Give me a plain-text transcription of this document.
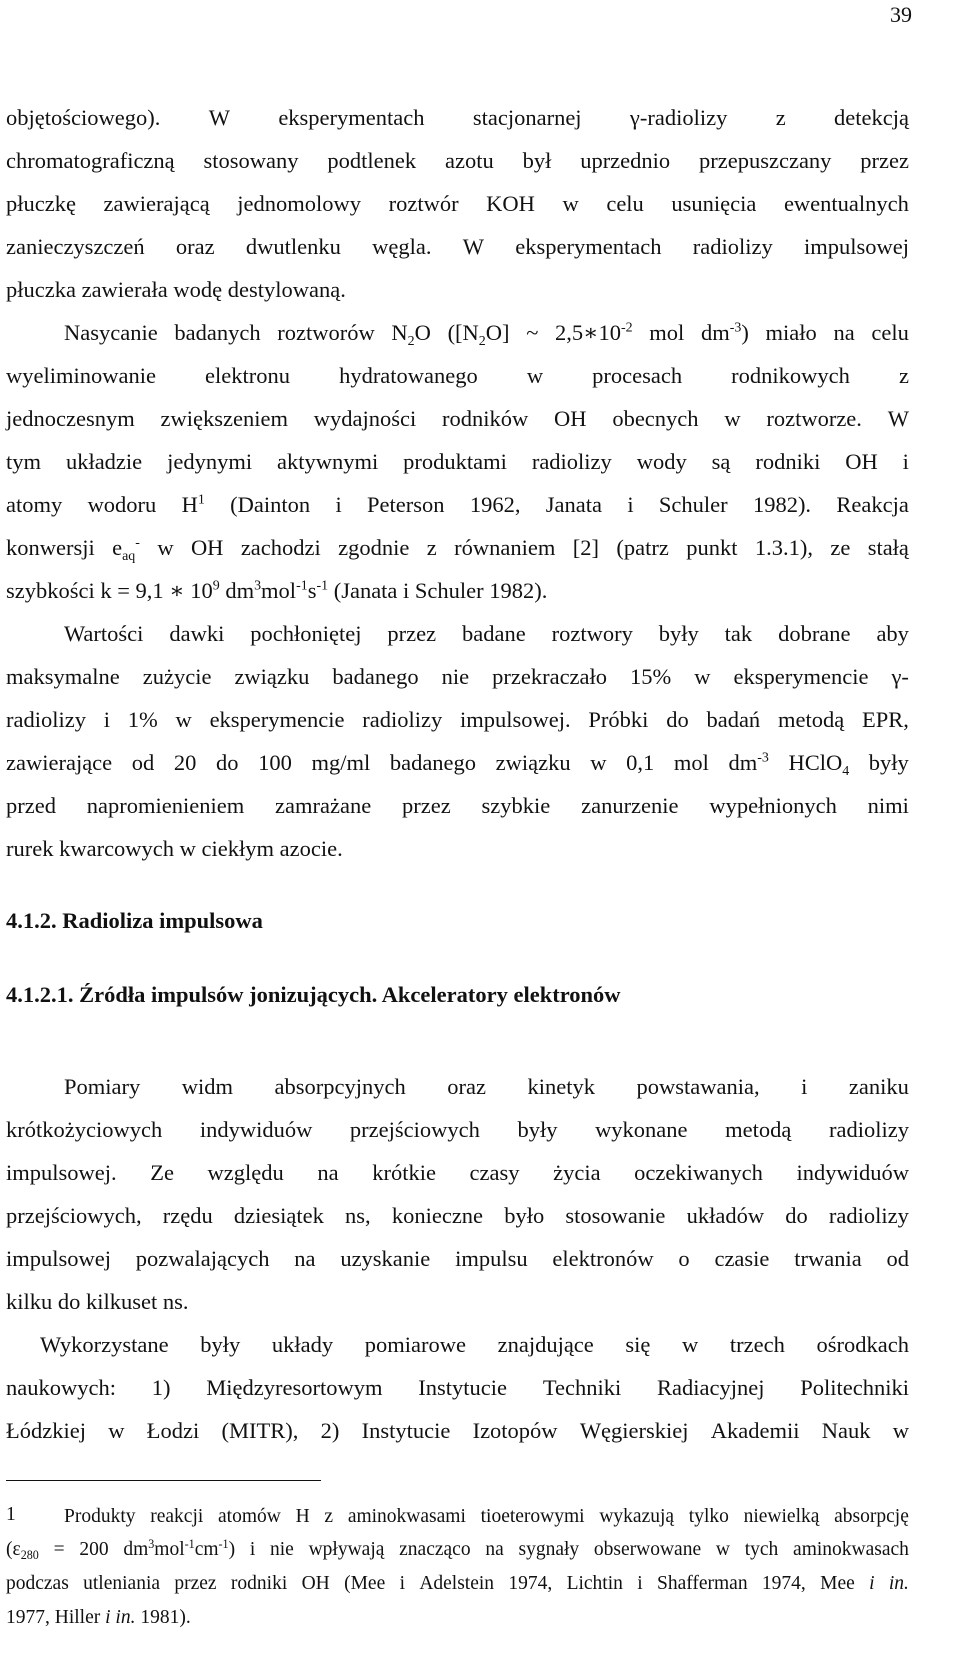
39
objętościowego). W eksperymentach stacjonarnej γ-radiolizy z detekcją
chromatograficzną stosowany podtlenek azotu był uprzednio przepuszczany przez
płuczkę zawierającą jednomolowy roztwór KOH w celu usunięcia ewentualnych
zanieczyszczeń oraz dwutlenku węgla. W eksperymentach radiolizy impulsowej
płuczka zawierała wodę destylowaną.
Nasycanie badanych roztworów $N_2O$ ($[N_2O]$ ~ $2,5∗10^{-2}$ mol $dm^{-3}$) miało na celu
wyeliminowanie elektronu hydratowanego w procesach rodnikowych z
jednoczesnym zwiększeniem wydajności rodników OH obecnych w roztworze. W
tym układzie jedynymi aktywnymi produktami radiolizy wody są rodniki OH i
atomy wodoru $H^1$ (Dainton i Peterson 1962, Janata i Schuler 1982). Reakcja
konwersji $e_{aq}^-$ w OH zachodzi zgodnie z równaniem [2] (patrz punkt 1.3.1), ze stałą
szybkości k = 9,1 ∗ $10^9$ $dm^3mol^{-1}s^{-1}$ (Janata i Schuler 1982).
Wartości dawki pochłoniętej przez badane roztwory były tak dobrane aby
maksymalne zużycie związku badanego nie przekraczało 15% w eksperymencie γ-
radiolizy i 1% w eksperymencie radiolizy impulsowej. Próbki do badań metodą EPR,
zawierające od 20 do 100 mg/ml badanego związku w 0,1 mol $dm^{-3}$ HClO$_4$ były
przed napromienieniem zamrażane przez szybkie zanurzenie wypełnionych nimi
rurek kwarcowych w ciekłym azocie.
4.1.2. Radioliza impulsowa
4.1.2.1. Źródła impulsów jonizujących. Akceleratory elektronów
Pomiary widm absorpcyjnych oraz kinetyk powstawania, i zaniku
krótkożyciowych indywiduów przejściowych były wykonane metodą radiolizy
impulsowej. Ze względu na krótkie czasy życia oczekiwanych indywiduów
przejściowych, rzędu dziesiątek ns, konieczne było stosowanie układów do radiolizy
impulsowej pozwalających na uzyskanie impulsu elektronów o czasie trwania od
kilku do kilkuset ns.
Wykorzystane były układy pomiarowe znajdujące się w trzech ośrodkach
naukowych: 1) Międzyresortowym Instytucie Techniki Radiacyjnej Politechniki
Łódzkiej w Łodzi (MITR), 2) Instytucie Izotopów Węgierskiej Akademii Nauk w
1 Produkty reakcji atomów H z aminokwasami tioeterowymi wykazują tylko niewielką absorpcję
($\varepsilon_{280} = 200$ $dm^3mol^{-1}cm^{-1}$) i nie wpływają znacząco na sygnały obserwowane w tych aminokwasach
podczas utleniania przez rodniki OH (Mee i Adelstein 1974, Lichtin i Shafferman 1974, Mee i in.
1977, Hiller i in. 1981).
